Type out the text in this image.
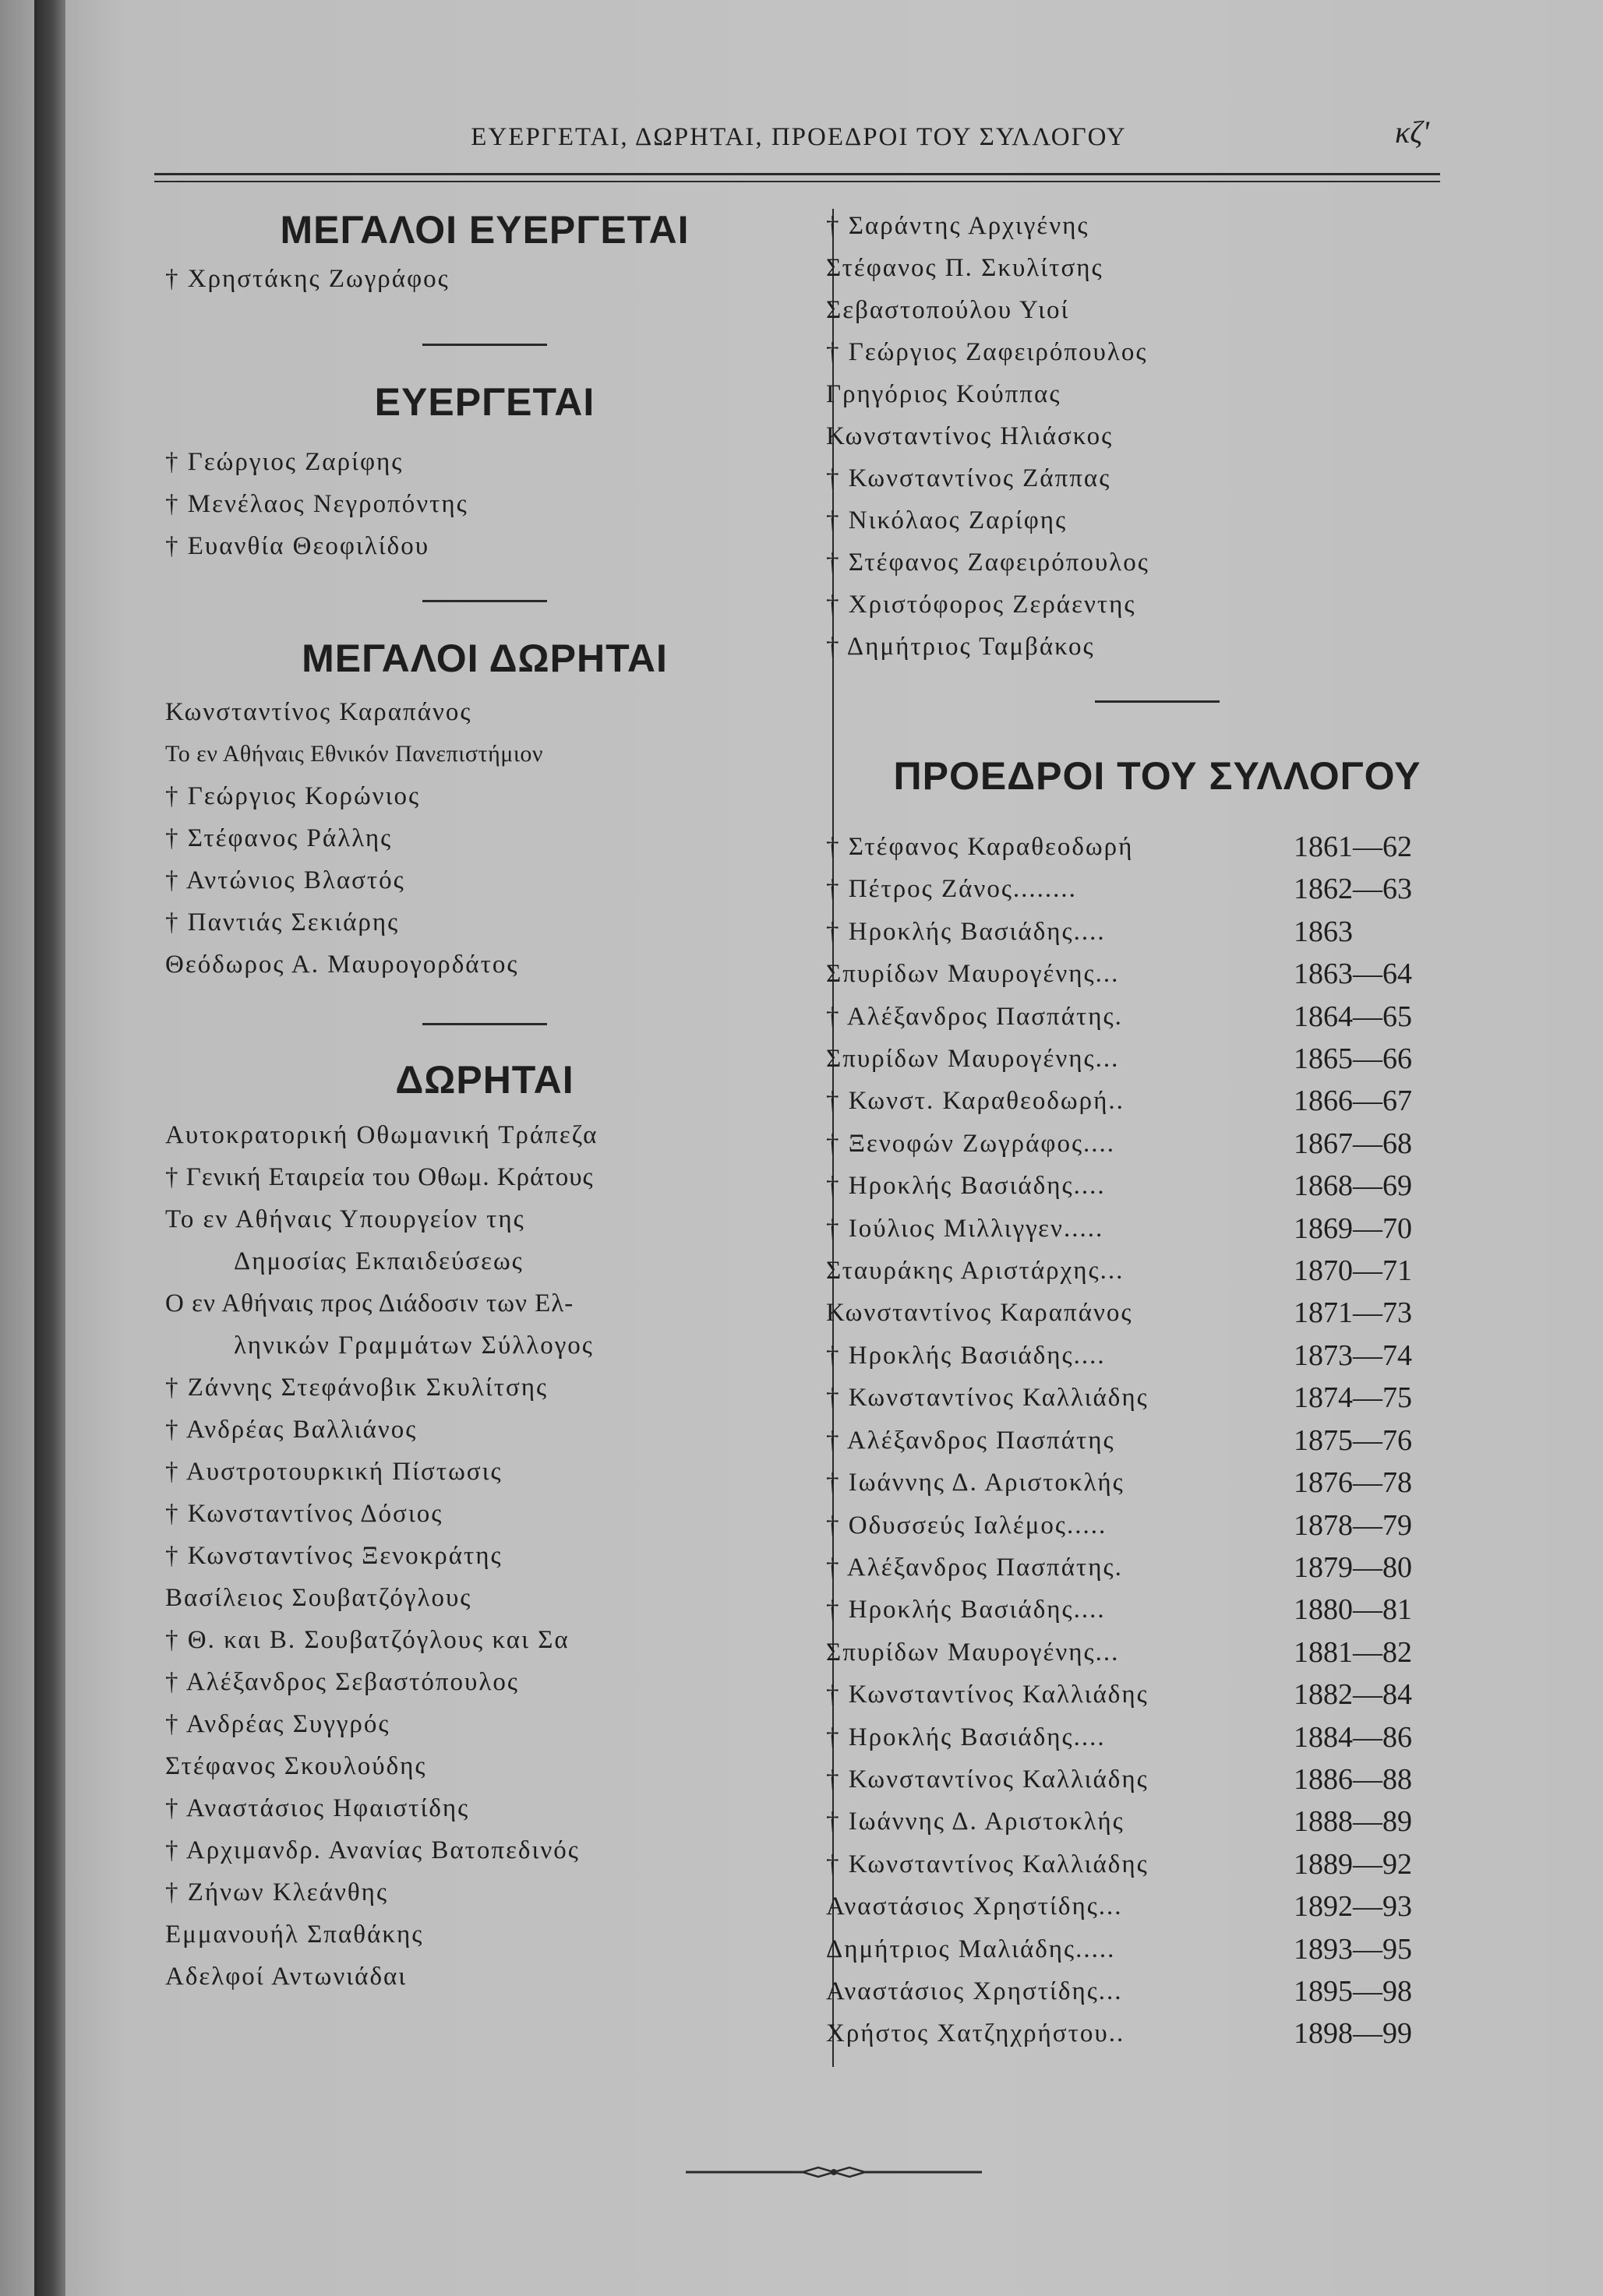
ΕΥΕΡΓΕΤΑΙ, ΔΩΡΗΤΑΙ, ΠΡΟΕΔΡΟΙ ΤΟΥ ΣΥΛΛΟΓΟΥ	κζ'
ΜΕΓΑΛΟΙ ΕΥΕΡΓΕΤΑΙ
† Χρηστάκης Ζωγράφος
ΕΥΕΡΓΕΤΑΙ
† Γεώργιος Ζαρίφης
† Μενέλαος Νεγροπόντης
† Ευανθία Θεοφιλίδου
ΜΕΓΑΛΟΙ ΔΩΡΗΤΑΙ
Κωνσταντίνος Καραπάνος
Το εν Αθήναις Εθνικόν Πανεπιστήμιον
† Γεώργιος Κορώνιος
† Στέφανος Ράλλης
† Αντώνιος Βλαστός
† Παντιάς Σεκιάρης
Θεόδωρος Α. Μαυρογορδάτος
ΔΩΡΗΤΑΙ
Αυτοκρατορική Οθωμανική Τράπεζα
† Γενική Εταιρεία του Οθωμ. Κράτους
Το εν Αθήναις Υπουργείον της
Δημοσίας Εκπαιδεύσεως
Ο εν Αθήναις προς Διάδοσιν των Ελ-
ληνικών Γραμμάτων Σύλλογος
† Ζάννης Στεφάνοβικ Σκυλίτσης
† Ανδρέας Βαλλιάνος
† Αυστροτουρκική Πίστωσις
† Κωνσταντίνος Δόσιος
† Κωνσταντίνος Ξενοκράτης
Βασίλειος Σουβατζόγλους
† Θ. και Β. Σουβατζόγλους και Σα
† Αλέξανδρος Σεβαστόπουλος
† Ανδρέας Συγγρός
Στέφανος Σκουλούδης
† Αναστάσιος Ηφαιστίδης
† Αρχιμανδρ. Ανανίας Βατοπεδινός
† Ζήνων Κλεάνθης
Εμμανουήλ Σπαθάκης
Αδελφοί Αντωνιάδαι
† Σαράντης Αρχιγένης
Στέφανος Π. Σκυλίτσης
Σεβαστοπούλου Υιοί
† Γεώργιος Ζαφειρόπουλος
Γρηγόριος Κούππας
Κωνσταντίνος Ηλιάσκος
† Κωνσταντίνος Ζάππας
† Νικόλαος Ζαρίφης
† Στέφανος Ζαφειρόπουλος
† Χριστόφορος Ζεράεντης
† Δημήτριος Ταμβάκος
ΠΡΟΕΔΡΟΙ ΤΟΥ ΣΥΛΛΟΓΟΥ
† Στέφανος Καραθεοδωρή	1861—62
† Πέτρος Ζάνος........	1862—63
† Ηροκλής Βασιάδης....	1863
Σπυρίδων Μαυρογένης...	1863—64
† Αλέξανδρος Πασπάτης.	1864—65
Σπυρίδων Μαυρογένης...	1865—66
† Κωνστ. Καραθεοδωρή..	1866—67
† Ξενοφών Ζωγράφος....	1867—68
† Ηροκλής Βασιάδης....	1868—69
† Ιούλιος Μιλλιγγεν.....	1869—70
Σταυράκης Αριστάρχης...	1870—71
Κωνσταντίνος Καραπάνος	1871—73
† Ηροκλής Βασιάδης....	1873—74
† Κωνσταντίνος Καλλιάδης	1874—75
† Αλέξανδρος Πασπάτης	1875—76
† Ιωάννης Δ. Αριστοκλής	1876—78
† Οδυσσεύς Ιαλέμος.....	1878—79
† Αλέξανδρος Πασπάτης.	1879—80
† Ηροκλής Βασιάδης....	1880—81
Σπυρίδων Μαυρογένης...	1881—82
† Κωνσταντίνος Καλλιάδης	1882—84
† Ηροκλής Βασιάδης....	1884—86
† Κωνσταντίνος Καλλιάδης	1886—88
† Ιωάννης Δ. Αριστοκλής	1888—89
† Κωνσταντίνος Καλλιάδης	1889—92
Αναστάσιος Χρηστίδης...	1892—93
Δημήτριος Μαλιάδης.....	1893—95
Αναστάσιος Χρηστίδης...	1895—98
Χρήστος Χατζηχρήστου..	1898—99
